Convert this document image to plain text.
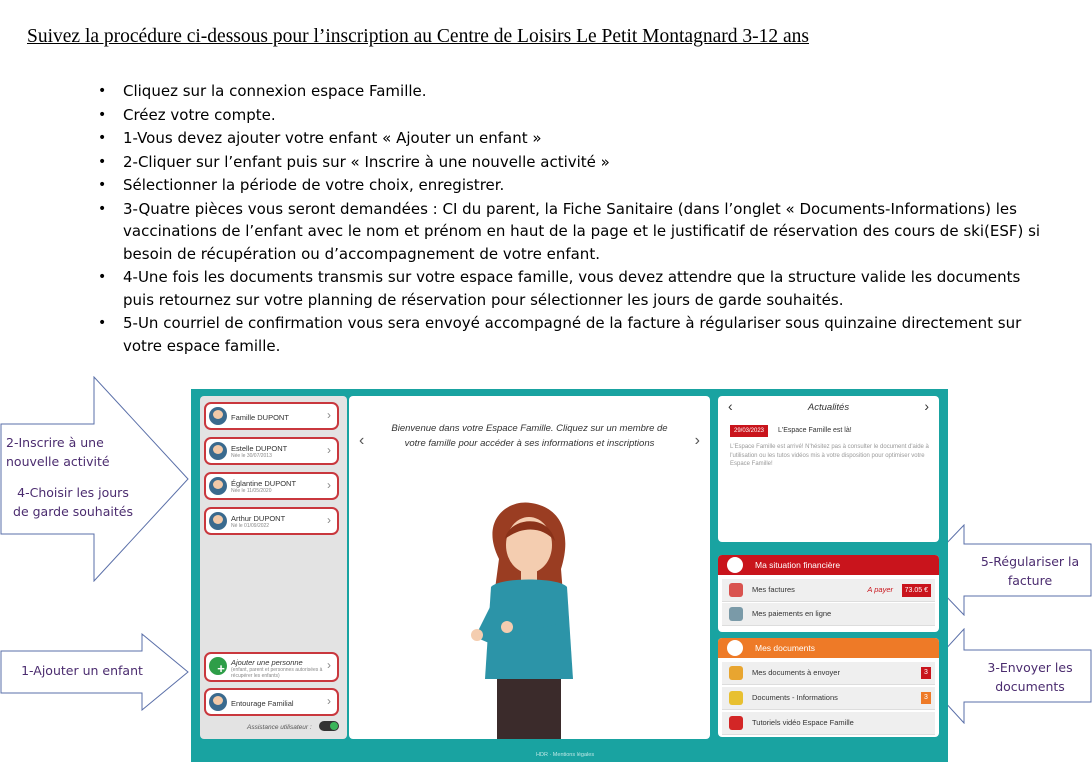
Suivez la procédure ci-dessous pour l’inscription au Centre de Loisirs Le Petit Montagnard 3-12 ans
• Cliquez sur la connexion espace Famille.
• Créez votre compte.
• 1-Vous devez ajouter votre enfant « Ajouter un enfant »
• 2-Cliquer sur l’enfant puis sur « Inscrire à une nouvelle activité »
• Sélectionner la période de votre choix, enregistrer.
• 3-Quatre pièces vous seront demandées : CI du parent, la Fiche Sanitaire (dans l’onglet « Documents-Informations) les vaccinations de l’enfant avec le nom et prénom en haut de la page et le justificatif de réservation des cours de ski(ESF) si besoin de récupération ou d’accompagnement de votre enfant.
• 4-Une fois les documents transmis sur votre espace famille, vous devez attendre que la structure valide les documents puis retournez sur votre planning de réservation pour sélectionner les jours de garde souhaités.
• 5-Un courriel de confirmation vous sera envoyé accompagné de la facture à régulariser sous quinzaine directement sur votre espace famille.
2-Inscrire à une nouvelle activité
4-Choisir les jours de garde souhaités
1-Ajouter un enfant
5-Régulariser la facture
3-Envoyer les documents
Famille DUPONT	›
Estelle DUPONT
Née le 30/07/2013	›
Églantine DUPONT
Née le 11/05/2020	›
Arthur DUPONT
Né le 01/09/2022	›
+ Ajouter une personne
(enfant, parent et personnes autorisées à récupérer les enfants)
›
Entourage Familial	›
Assistance utilisateur :
‹
Bienvenue dans votre Espace Famille. Cliquez sur un membre de votre famille pour accéder à ses informations et inscriptions	›
‹	Actualités	›
29/03/2023	L'Espace Famille est là!
L'Espace Famille est arrivé! N'hésitez pas à consulter le document d'aide à l'utilisation ou les tutos vidéos mis à votre disposition pour optimiser votre Espace Famille!
Ma situation financière
Mes factures	A payer	73.05 €
Mes paiements en ligne
Mes documents
Mes documents à envoyer	3
Documents - Informations	3
Tutoriels vidéo Espace Famille
HDR · Mentions légales
